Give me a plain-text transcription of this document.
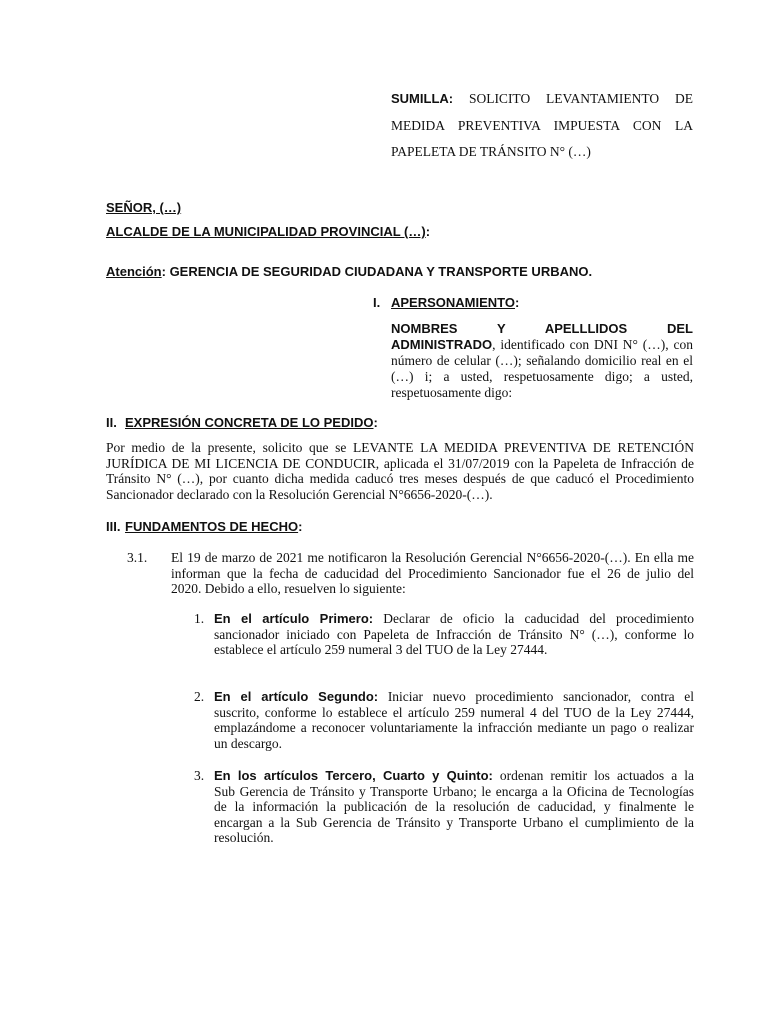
SUMILLA: SOLICITO LEVANTAMIENTO DE
MEDIDA PREVENTIVA IMPUESTA CON LA
PAPELETA DE TRÁNSITO N° (…)
SEÑOR, (…)
ALCALDE DE LA MUNICIPALIDAD PROVINCIAL (…):
Atención: GERENCIA DE SEGURIDAD CIUDADANA Y TRANSPORTE URBANO.
I. APERSONAMIENTO:
NOMBRES Y APELLLIDOS DEL
ADMINISTRADO, identificado con DNI N° (…), con
número de celular (…); señalando domicilio real en el
(…) i; a usted, respetuosamente digo; a usted,
respetuosamente digo:
II. EXPRESIÓN CONCRETA DE LO PEDIDO:
Por medio de la presente, solicito que se LEVANTE LA MEDIDA PREVENTIVA DE RETENCIÓN
JURÍDICA DE MI LICENCIA DE CONDUCIR, aplicada el 31/07/2019 con la Papeleta de Infracción de
Tránsito N° (…), por cuanto dicha medida caducó tres meses después de que caducó el Procedimiento
Sancionador declarado con la Resolución Gerencial N°6656-2020-(…).
III. FUNDAMENTOS DE HECHO:
3.1. El 19 de marzo de 2021 me notificaron la Resolución Gerencial N°6656-2020-(…). En ella me
informan que la fecha de caducidad del Procedimiento Sancionador fue el 26 de julio del
2020. Debido a ello, resuelven lo siguiente:
1. En el artículo Primero: Declarar de oficio la caducidad del procedimiento
sancionador iniciado con Papeleta de Infracción de Tránsito N° (…), conforme lo
establece el artículo 259 numeral 3 del TUO de la Ley 27444.
2. En el artículo Segundo: Iniciar nuevo procedimiento sancionador, contra el
suscrito, conforme lo establece el artículo 259 numeral 4 del TUO de la Ley 27444,
emplazándome a reconocer voluntariamente la infracción mediante un pago o realizar
un descargo.
3. En los artículos Tercero, Cuarto y Quinto: ordenan remitir los actuados a la
Sub Gerencia de Tránsito y Transporte Urbano; le encarga a la Oficina de Tecnologías
de la información la publicación de la resolución de caducidad, y finalmente le
encargan a la Sub Gerencia de Tránsito y Transporte Urbano el cumplimiento de la
resolución.
